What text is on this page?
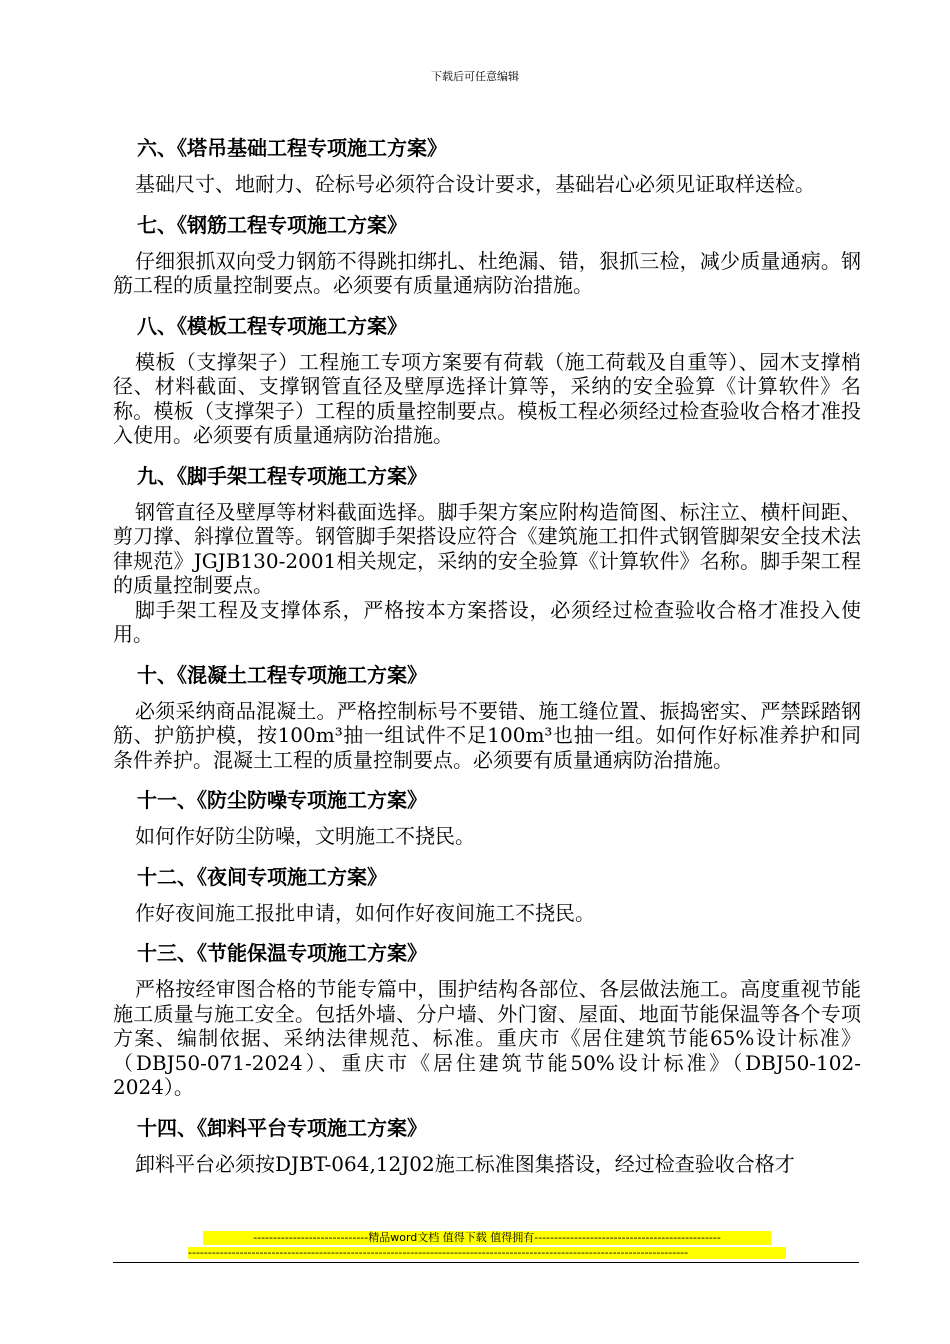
下载后可任意编辑
六、《塔吊基础工程专项施工方案》

基础尺寸、地耐力、砼标号必须符合设计要求，基础岩心必须见证取样送检。

七、《钢筋工程专项施工方案》

仔细狠抓双向受力钢筋不得跳扣绑扎、杜绝漏、错，狠抓三检，减少质量通病。钢筋工程的质量控制要点。必须要有质量通病防治措施。

八、《模板工程专项施工方案》

模板（支撑架子）工程施工专项方案要有荷载（施工荷载及自重等）、园木支撑梢径、材料截面、支撑钢管直径及壁厚选择计算等，采纳的安全验算《计算软件》名称。模板（支撑架子）工程的质量控制要点。模板工程必须经过检查验收合格才准投入使用。必须要有质量通病防治措施。

九、《脚手架工程专项施工方案》

钢管直径及壁厚等材料截面选择。脚手架方案应附构造简图、标注立、横杆间距、剪刀撑、斜撑位置等。钢管脚手架搭设应符合《建筑施工扣件式钢管脚架安全技术法律规范》JGJB130-2001相关规定，采纳的安全验算《计算软件》名称。脚手架工程的质量控制要点。

脚手架工程及支撑体系，严格按本方案搭设，必须经过检查验收合格才准投入使用。

十、《混凝土工程专项施工方案》

必须采纳商品混凝土。严格控制标号不要错、施工缝位置、振捣密实、严禁踩踏钢筋、护筋护模，按100m³抽一组试件不足100m³也抽一组。如何作好标准养护和同条件养护。混凝土工程的质量控制要点。必须要有质量通病防治措施。

十一、《防尘防噪专项施工方案》

如何作好防尘防噪，文明施工不挠民。

十二、《夜间专项施工方案》

作好夜间施工报批申请，如何作好夜间施工不挠民。

十三、《节能保温专项施工方案》

严格按经审图合格的节能专篇中，围护结构各部位、各层做法施工。高度重视节能施工质量与施工安全。包括外墙、分户墙、外门窗、屋面、地面节能保温等各个专项方案、编制依据、采纳法律规范、标准。重庆市《居住建筑节能65%设计标准》（DBJ50-071-2024）、重庆市《居住建筑节能50%设计标准》（DBJ50-102-2024）。

十四、《卸料平台专项施工方案》

卸料平台必须按DJBT-064,12J02施工标准图集搭设，经过检查验收合格才

-----------------------------精品word文档 值得下载 值得拥有-----------------------------------------------
------------------------------------------------------------------------------------------------------------------------------
